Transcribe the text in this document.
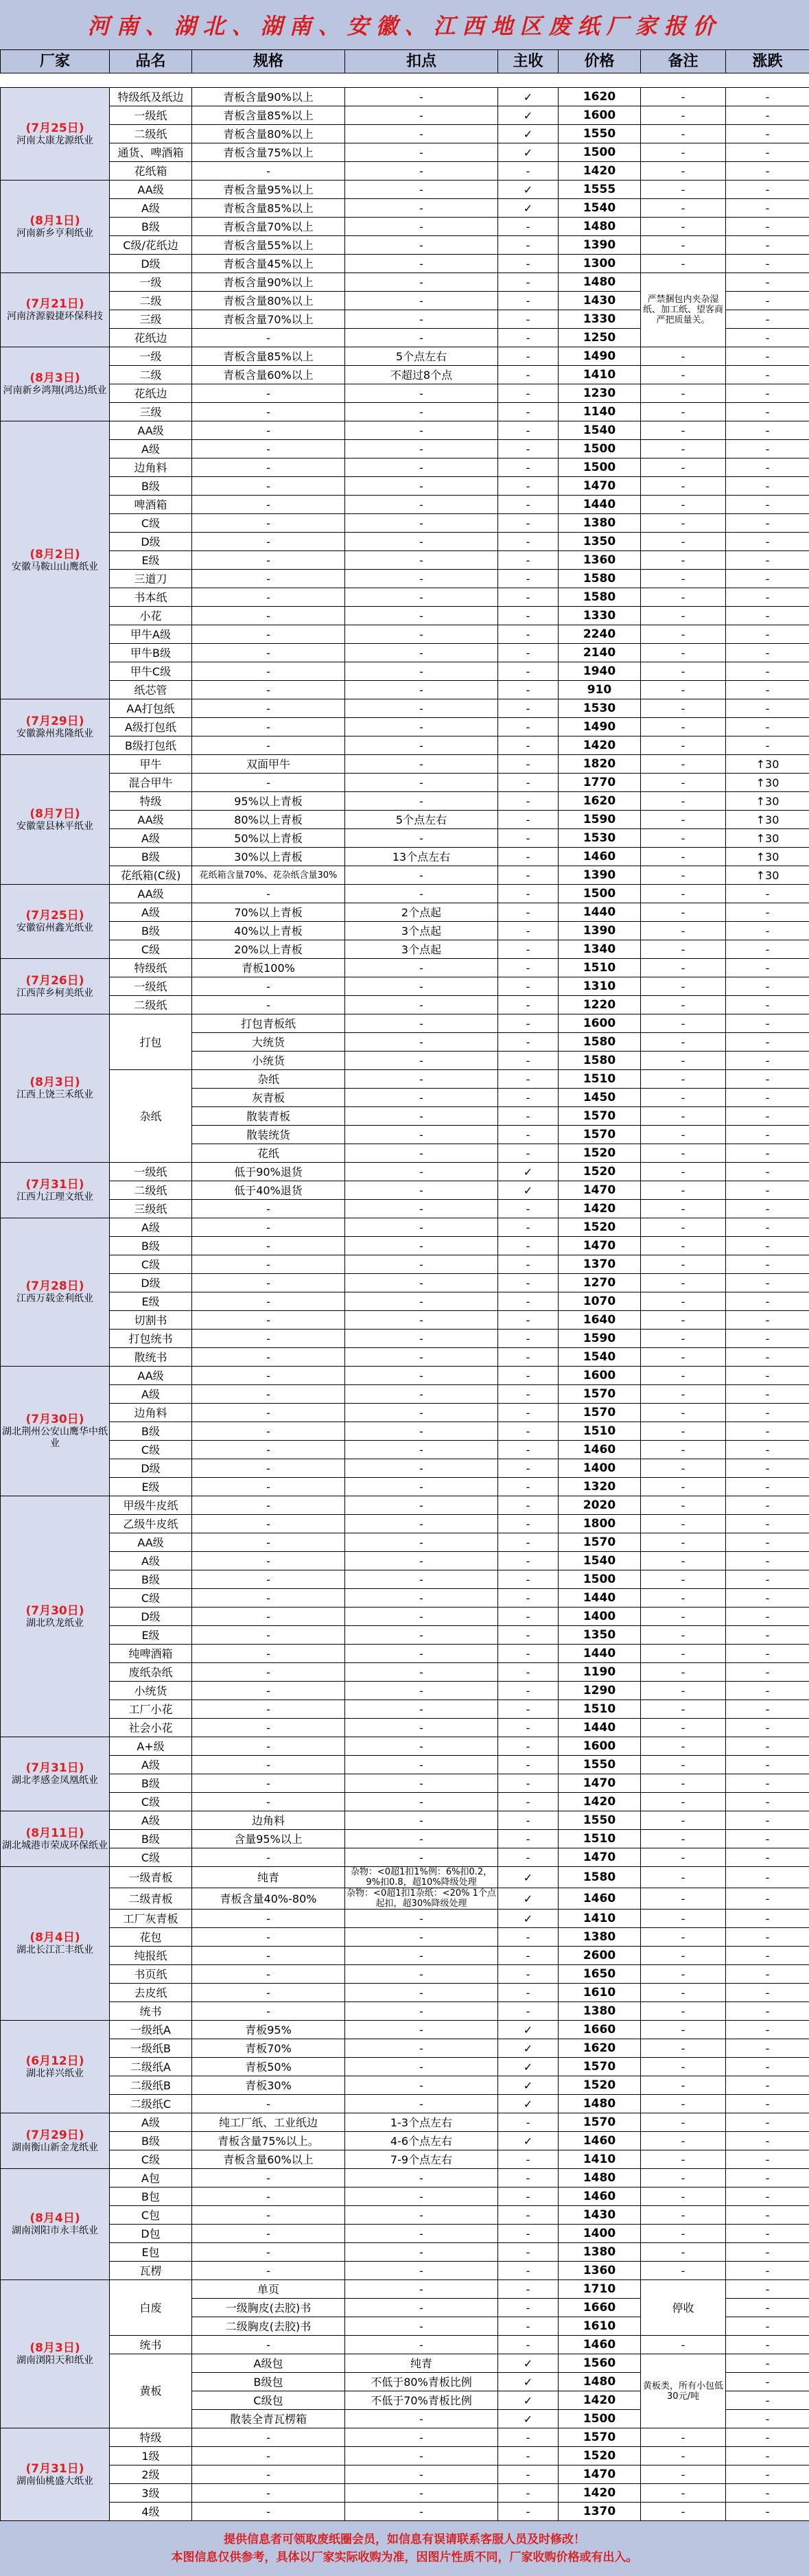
河南、湖北、湖南、安徽、江西地区废纸厂家报价
厂家	品名	规格	扣点	主收	价格	备注	涨跌

(7月25日)
河南太康龙源纸业	特级纸及纸边	青板含量90%以上	-	✓	1620	-	-
	一级纸	青板含量85%以上	-	✓	1600	-	-
	二级纸	青板含量80%以上	-	✓	1550	-	-
	通货、啤酒箱	青板含量75%以上	-	✓	1500	-	-
	花纸箱	-	-	-	1420	-	-

(8月1日)
河南新乡亨利纸业	AA级	青板含量95%以上	-	✓	1555	-	-
	A级	青板含量85%以上	-	✓	1540	-	-
	B级	青板含量70%以上	-	-	1480	-	-
	C级/花纸边	青板含量55%以上	-	-	1390	-	-
	D级	青板含量45%以上	-	-	1300	-	-

(7月21日)
河南济源毅捷环保科技	一级	青板含量90%以上	-	-	1480	严禁捆包内夹杂湿纸、加工纸、望客商严把质量关。	-
	二级	青板含量80%以上	-	-	1430		-
	三级	青板含量70%以上	-	-	1330		-
	花纸边	-	-	-	1250		-

(8月3日)
河南新乡鸿翔(鸿达)纸业	一级	青板含量85%以上	5个点左右	-	1490	-	-
	二级	青板含量60%以上	不超过8个点	-	1410	-	-
	花纸边	-	-	-	1230	-	-
	三级	-	-	-	1140	-	-

(8月2日)
安徽马鞍山山鹰纸业	AA级	-	-	-	1540	-	-
	A级	-	-	-	1500	-	-
	边角料	-	-	-	1500	-	-
	B级	-	-	-	1470	-	-
	啤酒箱	-	-	-	1440	-	-
	C级	-	-	-	1380	-	-
	D级	-	-	-	1350	-	-
	E级	-	-	-	1360	-	-
	三道刀	-	-	-	1580	-	-
	书本纸	-	-	-	1580	-	-
	小花	-	-	-	1330	-	-
	甲牛A级	-	-	-	2240	-	-
	甲牛B级	-	-	-	2140	-	-
	甲牛C级	-	-	-	1940	-	-
	纸芯管	-	-	-	910	-	-

(7月29日)
安徽滁州兆隆纸业	AA打包纸	-	-	-	1530	-	-
	A级打包纸	-	-	-	1490	-	-
	B级打包纸	-	-	-	1420	-	-

(8月7日)
安徽蒙县林平纸业	甲牛	双面甲牛	-	-	1820	-	↑30
	混合甲牛	-	-	-	1770	-	↑30
	特级	95%以上青板	-	-	1620	-	↑30
	AA级	80%以上青板	5个点左右	-	1590	-	↑30
	A级	50%以上青板	-	-	1530	-	↑30
	B级	30%以上青板	13个点左右	-	1460	-	↑30
	花纸箱(C级)	花纸箱含量70%、花杂纸含量30%	-	-	1390	-	↑30

(7月25日)
安徽宿州鑫光纸业	AA级	-	-	-	1500	-	-
	A级	70%以上青板	2个点起	-	1440	-	-
	B级	40%以上青板	3个点起	-	1390	-	-
	C级	20%以上青板	3个点起	-	1340	-	-

(7月26日)
江西萍乡柯美纸业	特级纸	青板100%	-	-	1510	-	-
	一级纸	-	-	-	1310	-	-
	二级纸	-	-	-	1220	-	-

(8月3日)
江西上饶三禾纸业	打包	打包青板纸	-	-	1600	-	-
		大统货	-	-	1580	-	-
		小统货	-	-	1580	-	-
	杂纸	杂纸	-	-	1510	-	-
		灰青板	-	-	1450	-	-
		散装青板	-	-	1570	-	-
		散装统货	-	-	1570	-	-
		花纸	-	-	1520	-	-

(7月31日)
江西九江理文纸业	一级纸	低于90%退货	-	✓	1520	-	-
	二级纸	低于40%退货	-	✓	1470	-	-
	三级纸	-	-	-	1420	-	-

(7月28日)
江西万载金利纸业	A级	-	-	-	1520	-	-
	B级	-	-	-	1470	-	-
	C级	-	-	-	1370	-	-
	D级	-	-	-	1270	-	-
	E级	-	-	-	1070	-	-
	切割书	-	-	-	1640	-	-
	打包统书	-	-	-	1590	-	-
	散统书	-	-	-	1540	-	-

(7月30日)
湖北荆州公安山鹰华中纸业	AA级	-	-	-	1600	-	-
	A级	-	-	-	1570	-	-
	边角料	-	-	-	1570	-	-
	B级	-	-	-	1510	-	-
	C级	-	-	-	1460	-	-
	D级	-	-	-	1400	-	-
	E级	-	-	-	1320	-	-

(7月30日)
湖北玖龙纸业	甲级牛皮纸	-	-	-	2020	-	-
	乙级牛皮纸	-	-	-	1800	-	-
	AA级	-	-	-	1570	-	-
	A级	-	-	-	1540	-	-
	B级	-	-	-	1500	-	-
	C级	-	-	-	1440	-	-
	D级	-	-	-	1400	-	-
	E级	-	-	-	1350	-	-
	纯啤酒箱	-	-	-	1440	-	-
	废纸杂纸	-	-	-	1190	-	-
	小统货	-	-	-	1290	-	-
	工厂小花	-	-	-	1510	-	-
	社会小花	-	-	-	1440	-	-

(7月31日)
湖北孝感金凤凰纸业	A+级	-	-	-	1600	-	-
	A级	-	-	-	1550	-	-
	B级	-	-	-	1470	-	-
	C级	-	-	-	1420	-	-

(8月11日)
湖北城港市荣成环保纸业	A级	边角料	-	-	1550	-	-
	B级	含量95%以上	-	-	1510	-	-
	C级	-	-	-	1470	-	-

(8月4日)
湖北长江汇丰纸业	一级青板	纯青	杂物：<0超1扣1%例：6%扣0.2，9%扣0.8，超10%降级处理	✓	1580	-	-
	二级青板	青板含量40%-80%	杂物：<0超1扣1杂纸：<20% 1个点起扣，超30%降级处理	✓	1460	-	-
	工厂灰青板	-	-	✓	1410	-	-
	花包	-	-	-	1380	-	-
	纯报纸	-	-	-	2600	-	-
	书页纸	-	-	-	1650	-	-
	去皮纸	-	-	-	1610	-	-
	统书	-	-	-	1380	-	-

(6月12日)
湖北祥兴纸业	一级纸A	青板95%	-	✓	1660	-	-
	一级纸B	青板70%	-	✓	1620	-	-
	二级纸A	青板50%	-	✓	1570	-	-
	二级纸B	青板30%	-	✓	1520	-	-
	二级纸C	-	-	✓	1480	-	-

(7月29日)
湖南衡山新金龙纸业	A级	纯工厂纸、工业纸边	1-3个点左右	-	1570	-	-
	B级	青板含量75%以上。	4-6个点左右	✓	1460	-	-
	C级	青板含量60%以上	7-9个点左右	-	1410	-	-

(8月4日)
湖南浏阳市永丰纸业	A包	-	-	-	1480	-	-
	B包	-	-	-	1460	-	-
	C包	-	-	-	1430	-	-
	D包	-	-	-	1400	-	-
	E包	-	-	-	1380	-	-
	瓦楞	-	-	-	1360	-	-

(8月3日)
湖南浏阳天和纸业	白废	单页	-	-	1710	停收	-
		一级胸皮(去胶)书	-	-	1660		-
		二级胸皮(去胶)书	-	-	1610		-
	统书	-	-	-	1460	-	-
	黄板	A级包	纯青	✓	1560	黄板类，所有小包低30元/吨	-
		B级包	不低于80%青板比例	✓	1480		-
		C级包	不低于70%青板比例	✓	1420		-
		散装全青瓦楞箱	-	✓	1500		-

(7月31日)
湖南仙桃盛大纸业	特级	-	-	-	1570	-	-
	1级	-	-	-	1520	-	-
	2级	-	-	-	1470	-	-
	3级	-	-	-	1420	-	-
	4级	-	-	-	1370	-	-
提供信息者可领取废纸圈会员，如信息有误请联系客服人员及时修改！
本图信息仅供参考，具体以厂家实际收购为准，因图片性质不同，厂家收购价格或有出入。
